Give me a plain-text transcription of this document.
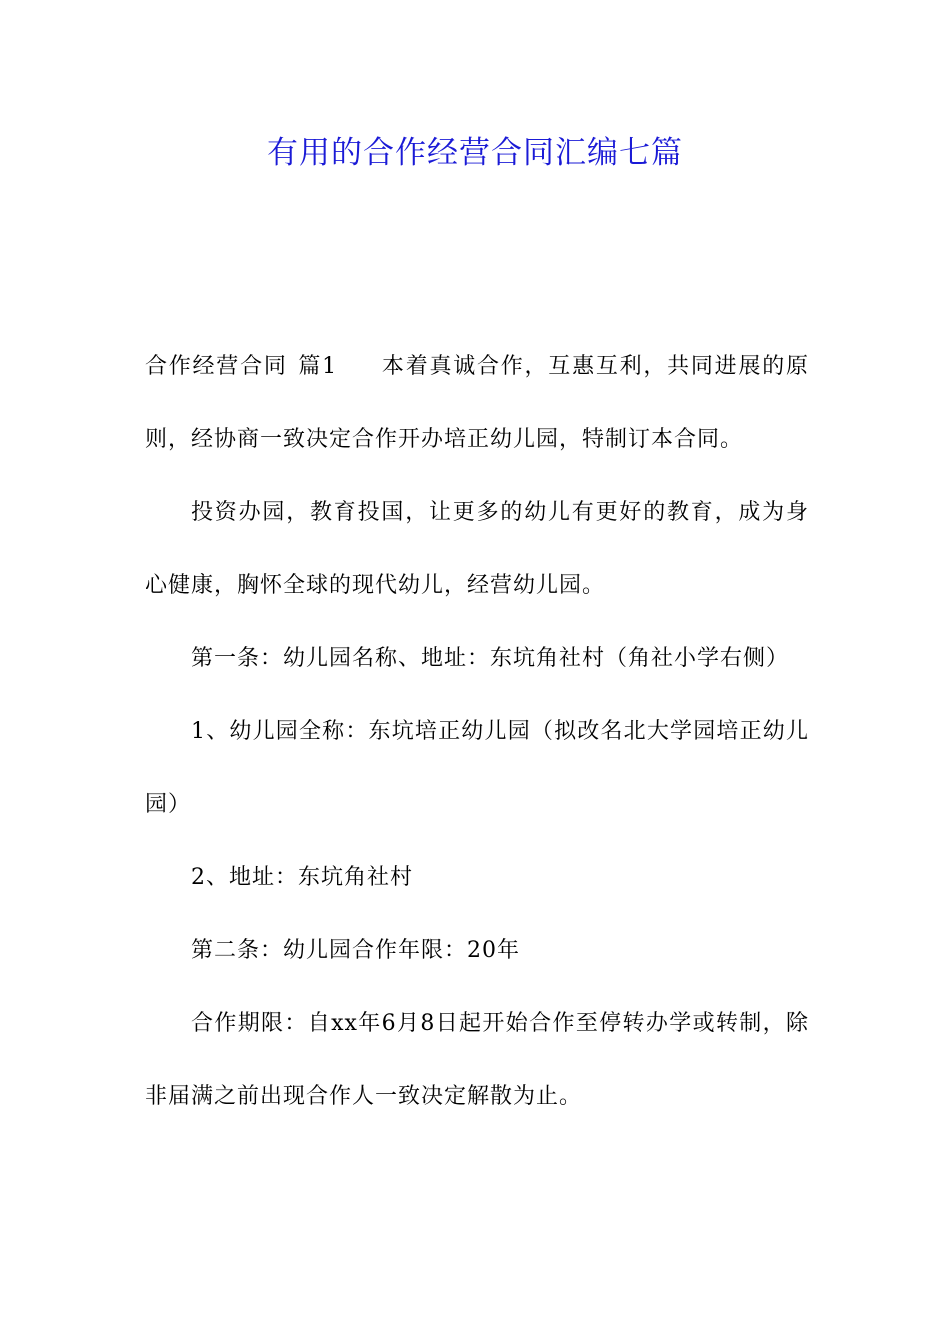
有用的合作经营合同汇编七篇

合作经营合同 篇1 本着真诚合作，互惠互利，共同进展的原则，经协商一致决定合作开办培正幼儿园，特制订本合同。

投资办园，教育投国，让更多的幼儿有更好的教育，成为身心健康，胸怀全球的现代幼儿，经营幼儿园。

第一条：幼儿园名称、地址：东坑角社村（角社小学右侧）

1、幼儿园全称：东坑培正幼儿园（拟改名北大学园培正幼儿园）

2、地址：东坑角社村

第二条：幼儿园合作年限：20年

合作期限：自xx年6月8日起开始合作至停转办学或转制，除非届满之前出现合作人一致决定解散为止。
